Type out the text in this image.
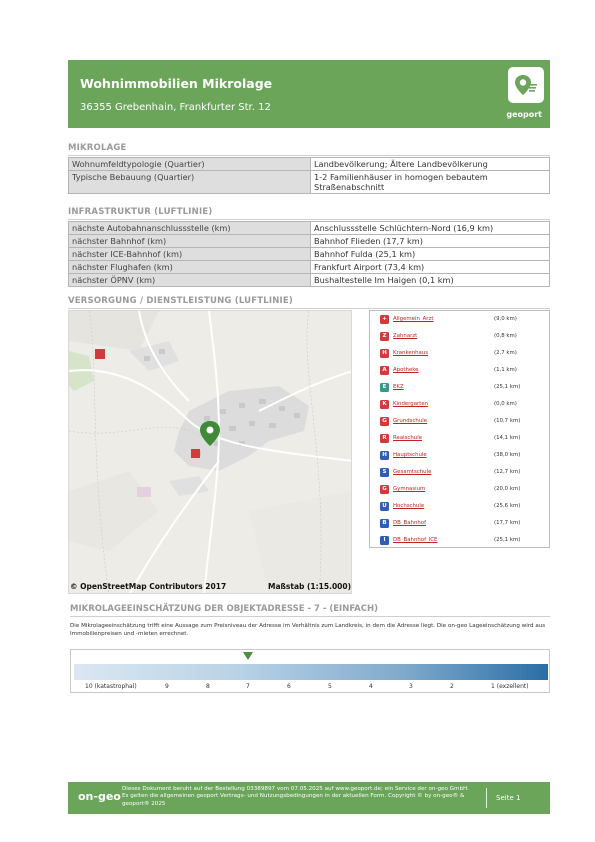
Wohnimmobilien Mikrolage
36355 Grebenhain, Frankfurter Str. 12
geoport
MIKROLAGE
Wohnumfeldtypologie (Quartier)	Landbevölkerung; Ältere Landbevölkerung
Typische Bebauung (Quartier)	1-2 Familienhäuser in homogen bebautem Straßenabschnitt
INFRASTRUKTUR (LUFTLINIE)
nächste Autobahnanschlussstelle (km)	Anschlussstelle Schlüchtern-Nord (16,9 km)
nächster Bahnhof (km)	Bahnhof Flieden (17,7 km)
nächster ICE-Bahnhof (km)	Bahnhof Fulda (25,1 km)
nächster Flughafen (km)	Frankfurt Airport (73,4 km)
nächster ÖPNV (km)	Bushaltestelle Im Haigen (0,1 km)
VERSORGUNG / DIENSTLEISTUNG (LUFTLINIE)
© OpenStreetMap Contributors 2017	Maßstab (1:15.000)
+	Allgemein_Arzt	(9,0 km)
Z	Zahnarzt	(0,8 km)
H	Krankenhaus	(2,7 km)
A	Apotheke	(1,1 km)
E	EKZ	(25,1 km)
K	Kindergarten	(0,0 km)
G	Grundschule	(10,7 km)
R	Realschule	(14,1 km)
H	Hauptschule	(38,0 km)
S	Gesamtschule	(12,7 km)
G	Gymnasium	(20,0 km)
U	Hochschule	(25,6 km)
B	DB_Bahnhof	(17,7 km)
I	DB_Bahnhof_ICE	(25,1 km)
MIKROLAGEEINSCHÄTZUNG DER OBJEKTADRESSE - 7 - (EINFACH)
Die Mikrolageeinschätzung trifft eine Aussage zum Preisniveau der Adresse im Verhältnis zum Landkreis, in dem die Adresse liegt. Die on-geo Lageeinschätzung wird aus Immobilienpreisen und -mieten errechnet.
10 (katastrophal)	9	8	7	6	5	4	3	2	1 (exzellent)
on-geo
Dieses Dokument beruht auf der Bestellung 03389897 vom 07.05.2025 auf www.geoport.de; ein Service der on-geo GmbH. Es gelten die allgemeinen geoport Vertrags- und Nutzungsbedingungen in der aktuellen Form. Copyright © by on-geo® & geoport® 2025
Seite 1
